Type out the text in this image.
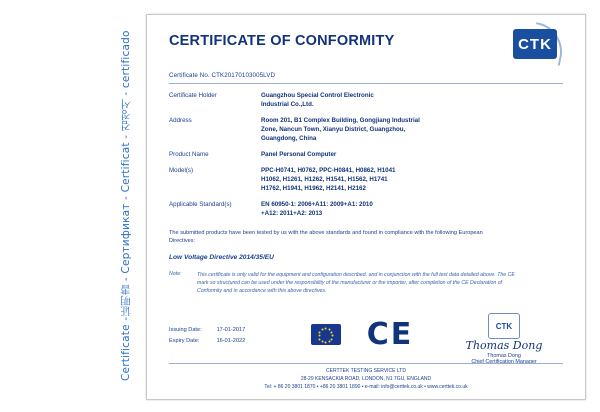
Certificate -证明書 - Сертификат - Certificat - 검정서 - certificado	CERTIFICATE OF CONFORMITY	CTK
Certificate No. CTK20170103005LVD
Certificate Holder	Guangzhou Special Control Electronic
Industrial Co.,Ltd.
Address	Room 201, B1 Complex Building, Gongjiang Industrial
Zone, Nancun Town, Xianyu District, Guangzhou,
Guangdong, China
Product Name	Panel Personal Computer
Model(s)	PPC-H0741, H0762, PPC-H0841, H0862, H1041
H1062, H1261, H1262, H1541, H1562, H1741
H1762, H1941, H1962, H2141, H2162
Applicable Standard(s)	EN 60950-1: 2006+A11: 2009+A1: 2010
+A12: 2011+A2: 2013
The submitted products have been tested by us with the above standards and found in compliance with the following European Directives:
Low Voltage Directive 2014/35/EU
Note:	This certificate is only valid for the equipment and configuration described, and in conjunction with the full test data detailed above. The CE mark so structured can be used under the responsibility of the manufacturer or the importer, after completion of the CE Declaration of Conformity and in accordance with this above directives.
Issuing Date:	17-01-2017
Expiry Date:	16-01-2022	CE	CTK
Thomas Dong
Thomas Dong
Chief Certification Manager
CERTTEK TESTING SERVICE LTD
28-29 KENSACKIA ROAD, LONDON, N1 7GU, ENGLAND
Tel: + 86 20 3801 1870 • +86 20 3801 1890 • e-mail: info@certtek.co.uk • www.certtek.co.uk
